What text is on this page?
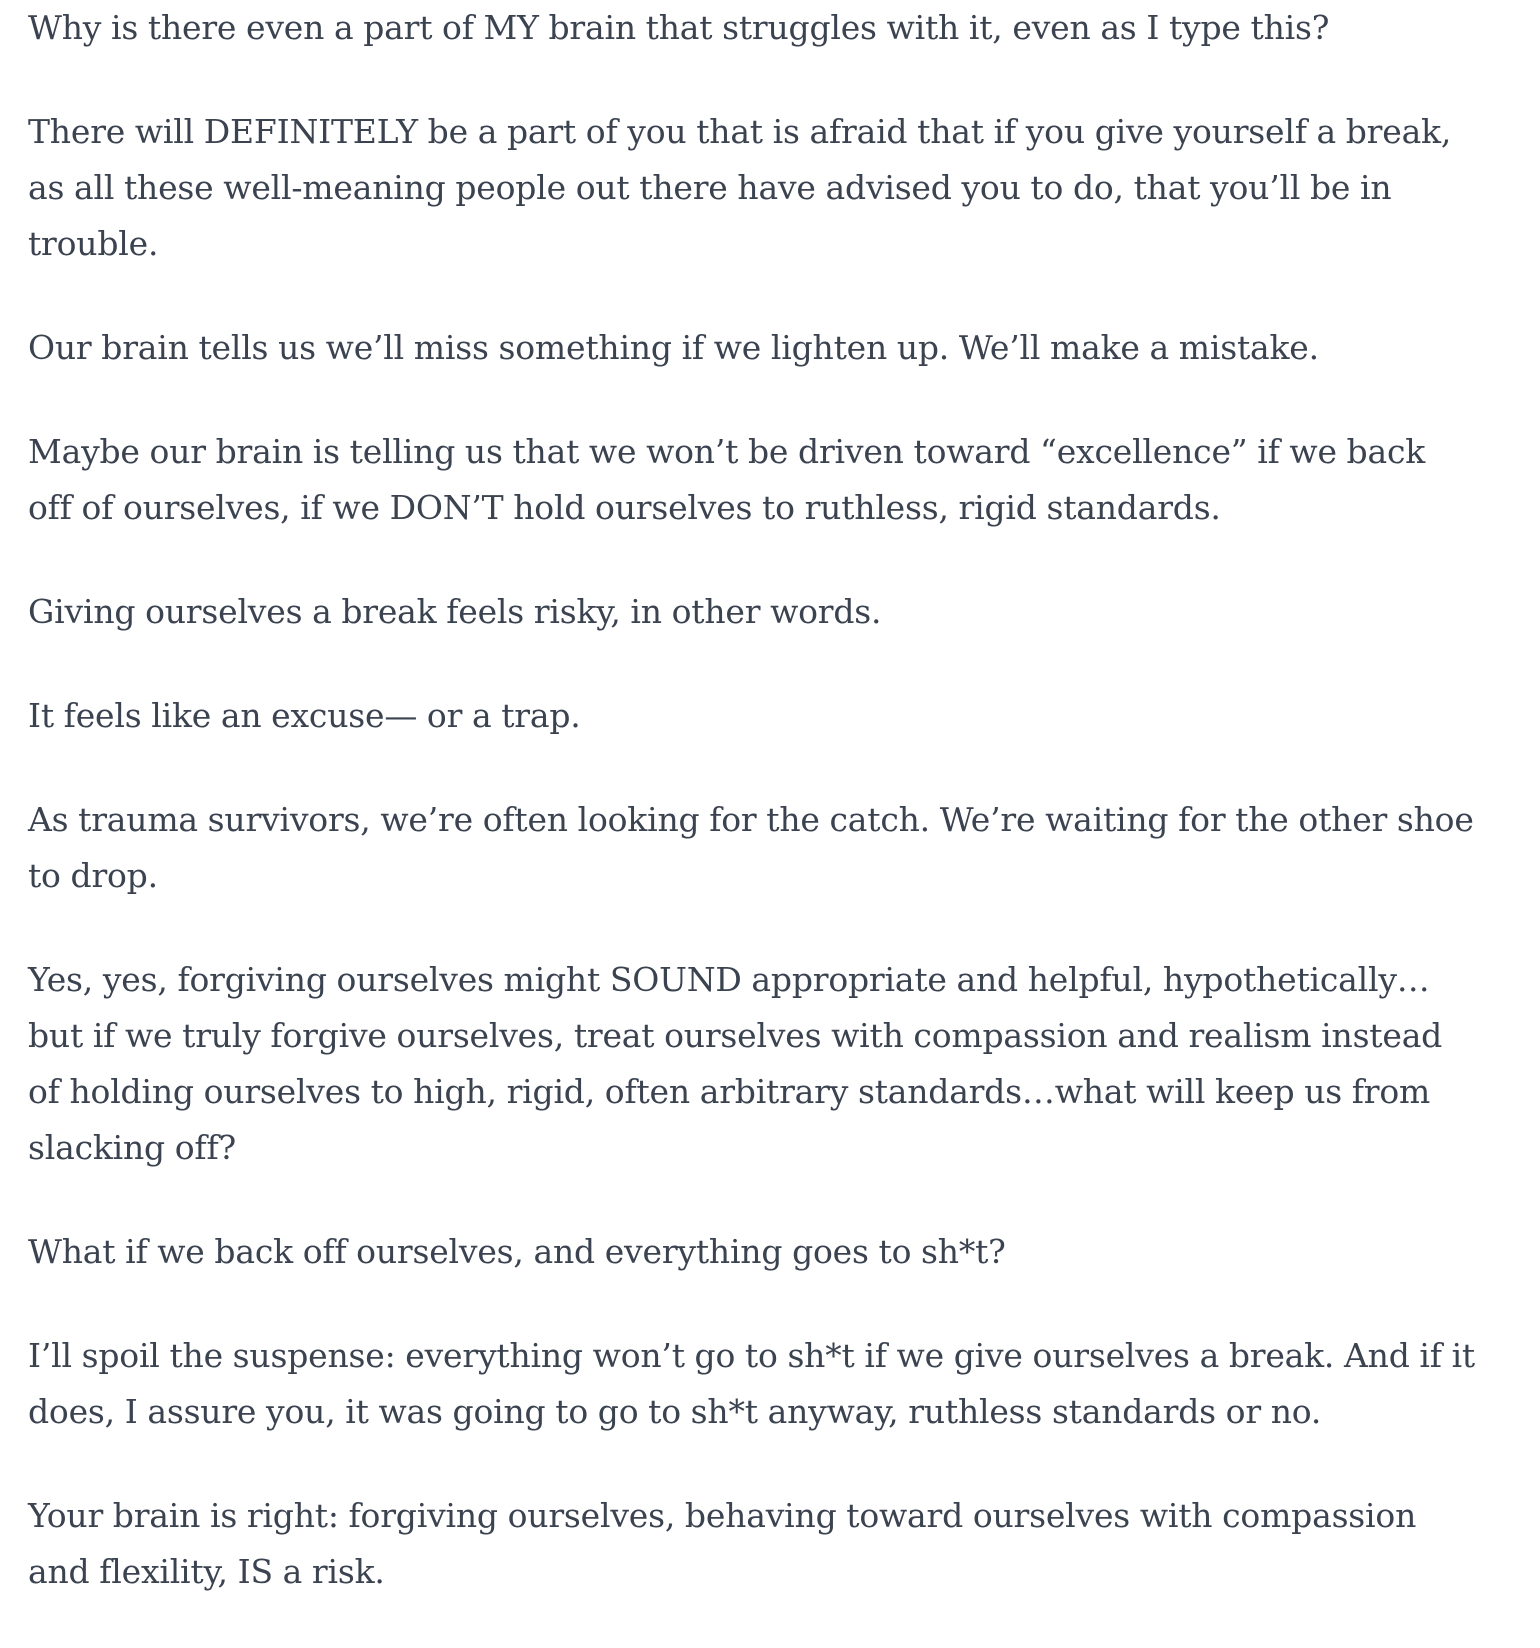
Why is there even a part of MY brain that struggles with it, even as I type this?

There will DEFINITELY be a part of you that is afraid that if you give yourself a break, as all these well-meaning people out there have advised you to do, that you’ll be in trouble.

Our brain tells us we’ll miss something if we lighten up. We’ll make a mistake.

Maybe our brain is telling us that we won’t be driven toward “excellence” if we back off of ourselves, if we DON’T hold ourselves to ruthless, rigid standards.

Giving ourselves a break feels risky, in other words.

It feels like an excuse— or a trap.

As trauma survivors, we’re often looking for the catch. We’re waiting for the other shoe to drop.

Yes, yes, forgiving ourselves might SOUND appropriate and helpful, hypothetically…but if we truly forgive ourselves, treat ourselves with compassion and realism instead of holding ourselves to high, rigid, often arbitrary standards…what will keep us from slacking off?

What if we back off ourselves, and everything goes to sh*t?

I’ll spoil the suspense: everything won’t go to sh*t if we give ourselves a break. And if it does, I assure you, it was going to go to sh*t anyway, ruthless standards or no.

Your brain is right: forgiving ourselves, behaving toward ourselves with compassion and flexility, IS a risk.
